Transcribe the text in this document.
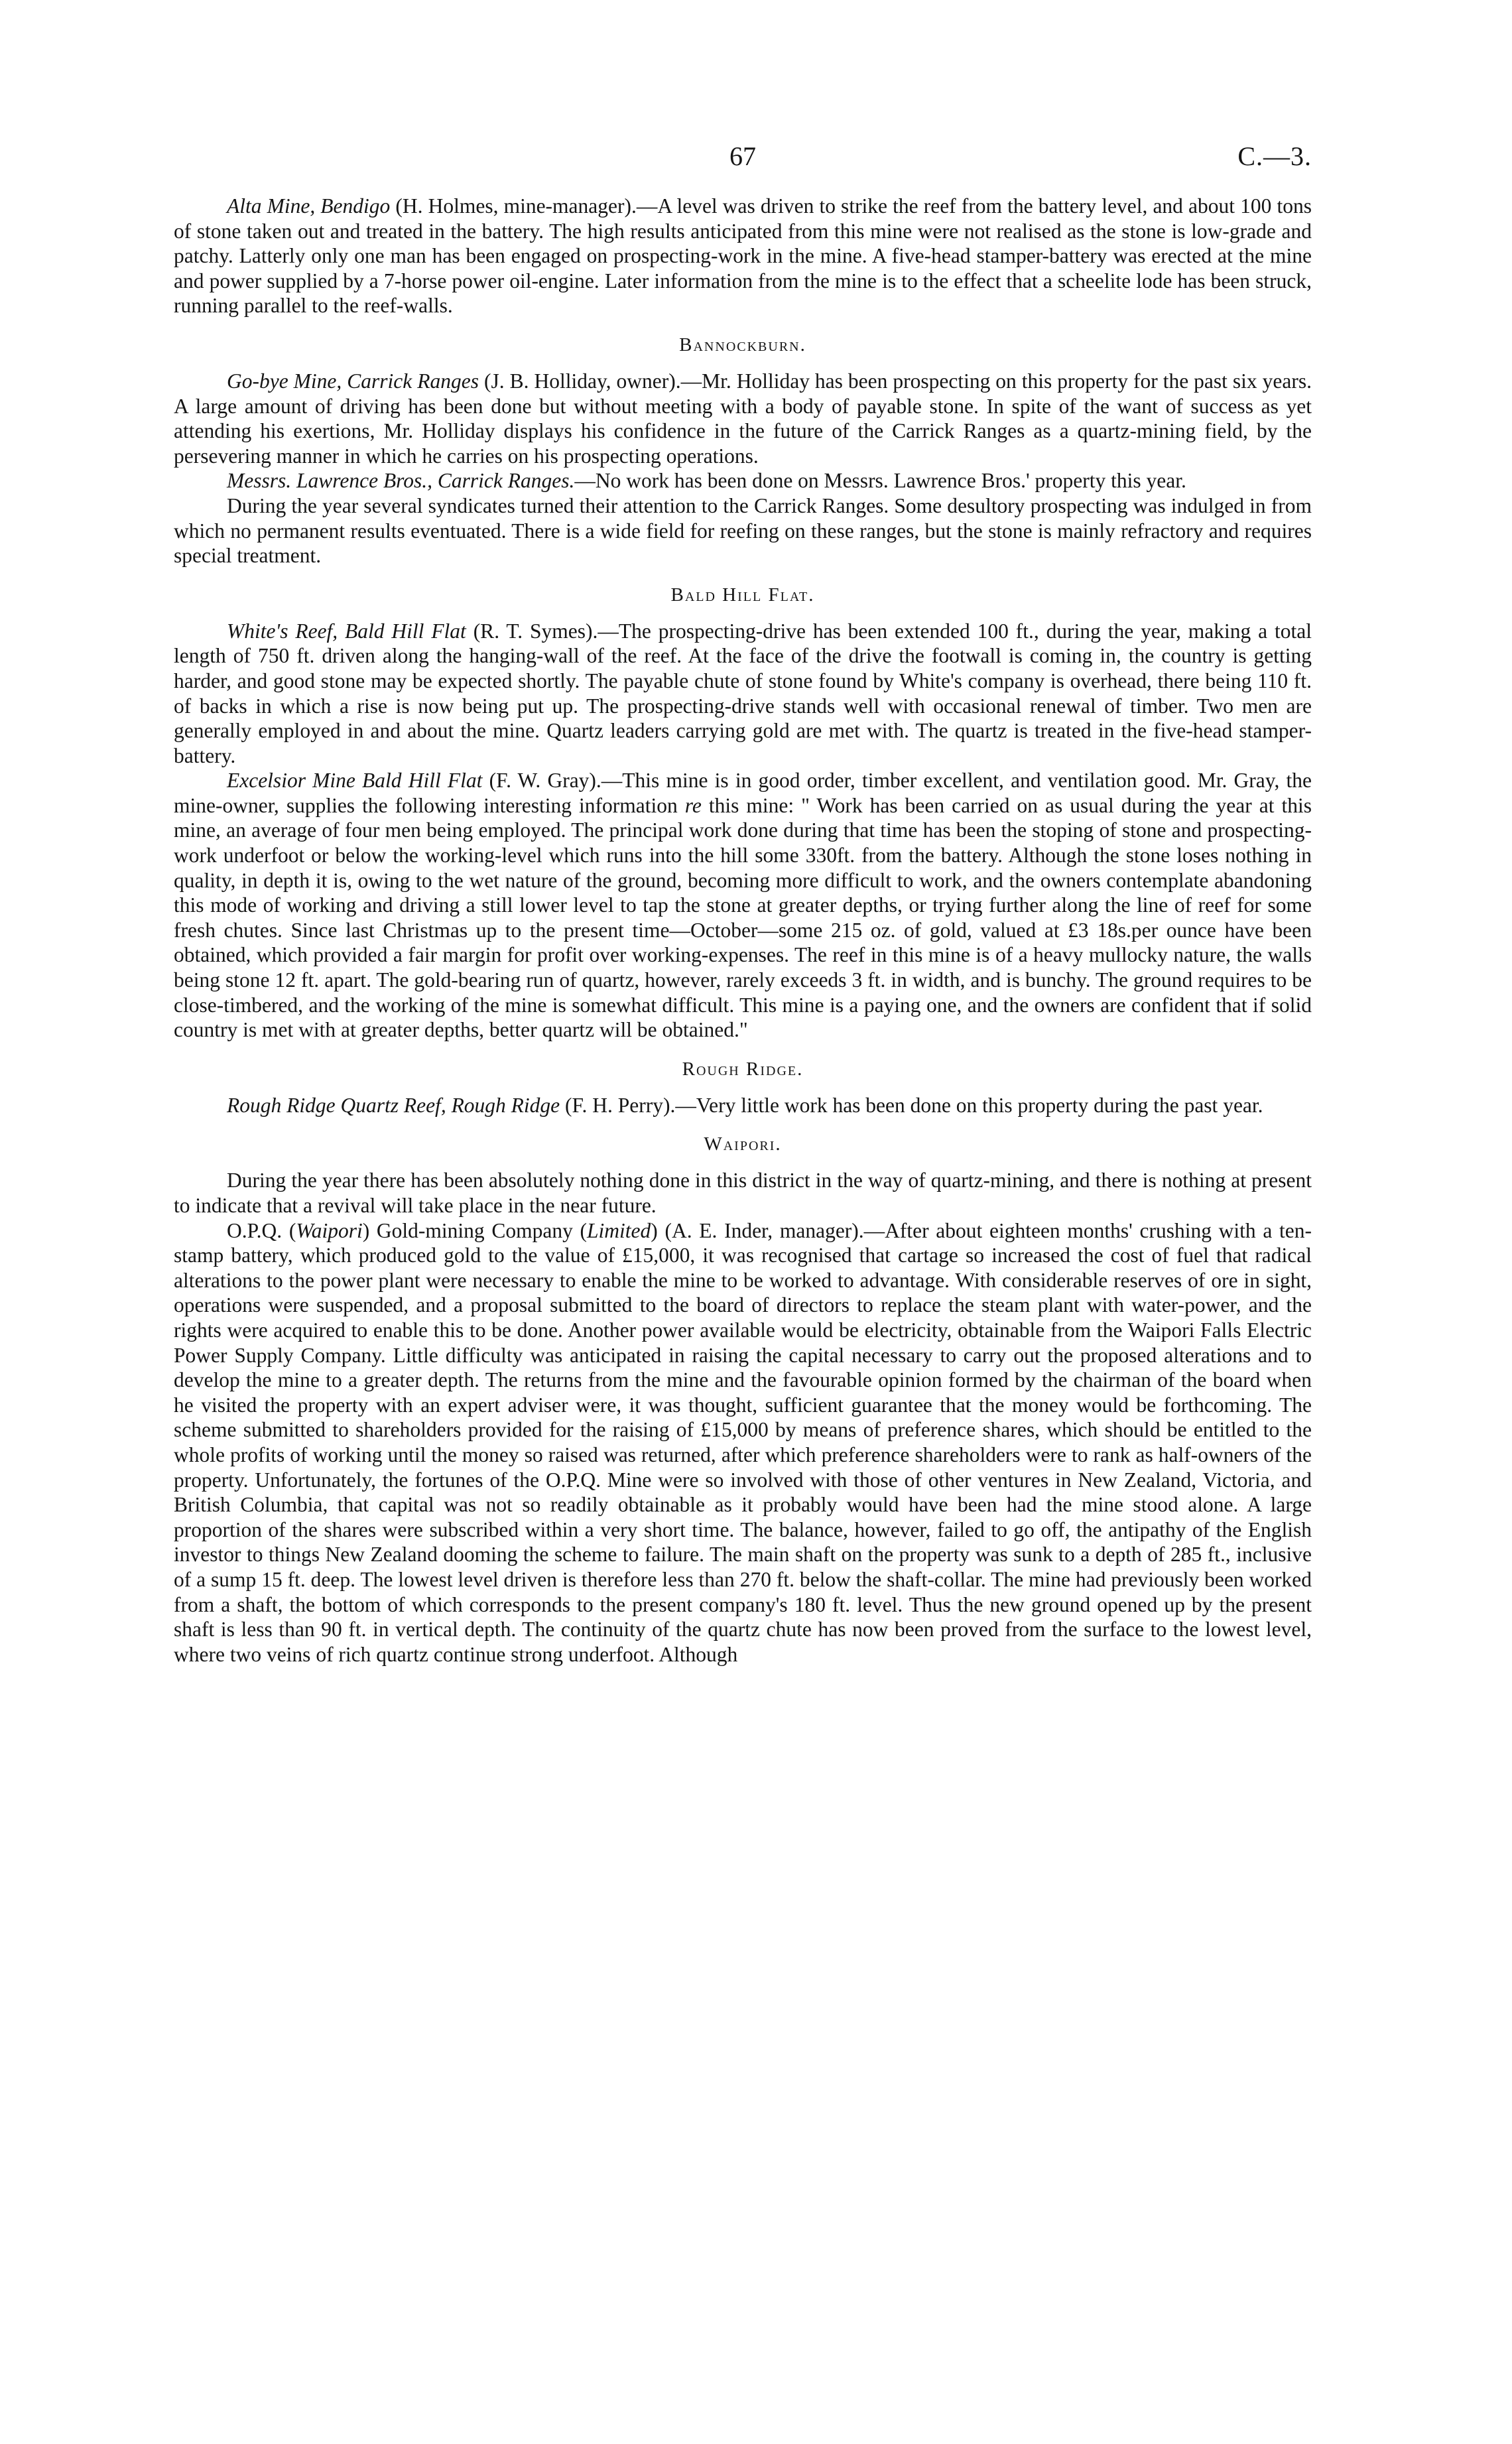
67	C.—3.

Alta Mine, Bendigo (H. Holmes, mine-manager).—A level was driven to strike the reef from the battery level, and about 100 tons of stone taken out and treated in the battery. The high results anticipated from this mine were not realised as the stone is low-grade and patchy. Latterly only one man has been engaged on prospecting-work in the mine. A five-head stamper-battery was erected at the mine and power supplied by a 7-horse power oil-engine. Later information from the mine is to the effect that a scheelite lode has been struck, running parallel to the reef-walls.

Bannockburn.

Go-bye Mine, Carrick Ranges (J. B. Holliday, owner).—Mr. Holliday has been prospecting on this property for the past six years. A large amount of driving has been done but without meeting with a body of payable stone. In spite of the want of success as yet attending his exertions, Mr. Holliday displays his confidence in the future of the Carrick Ranges as a quartz-mining field, by the persevering manner in which he carries on his prospecting operations.

Messrs. Lawrence Bros., Carrick Ranges.—No work has been done on Messrs. Lawrence Bros.' property this year.

During the year several syndicates turned their attention to the Carrick Ranges. Some desultory prospecting was indulged in from which no permanent results eventuated. There is a wide field for reefing on these ranges, but the stone is mainly refractory and requires special treatment.

Bald Hill Flat.

White's Reef, Bald Hill Flat (R. T. Symes).—The prospecting-drive has been extended 100 ft., during the year, making a total length of 750 ft. driven along the hanging-wall of the reef. At the face of the drive the footwall is coming in, the country is getting harder, and good stone may be expected shortly. The payable chute of stone found by White's company is overhead, there being 110 ft. of backs in which a rise is now being put up. The prospecting-drive stands well with occasional renewal of timber. Two men are generally employed in and about the mine. Quartz leaders carrying gold are met with. The quartz is treated in the five-head stamper-battery.

Excelsior Mine Bald Hill Flat (F. W. Gray).—This mine is in good order, timber excellent, and ventilation good. Mr. Gray, the mine-owner, supplies the following interesting information re this mine: " Work has been carried on as usual during the year at this mine, an average of four men being employed. The principal work done during that time has been the stoping of stone and prospecting-work underfoot or below the working-level which runs into the hill some 330ft. from the battery. Although the stone loses nothing in quality, in depth it is, owing to the wet nature of the ground, becoming more difficult to work, and the owners contemplate abandoning this mode of working and driving a still lower level to tap the stone at greater depths, or trying further along the line of reef for some fresh chutes. Since last Christmas up to the present time—October—some 215 oz. of gold, valued at £3 18s.per ounce have been obtained, which provided a fair margin for profit over working-expenses. The reef in this mine is of a heavy mullocky nature, the walls being stone 12 ft. apart. The gold-bearing run of quartz, however, rarely exceeds 3 ft. in width, and is bunchy. The ground requires to be close-timbered, and the working of the mine is somewhat difficult. This mine is a paying one, and the owners are confident that if solid country is met with at greater depths, better quartz will be obtained."

Rough Ridge.

Rough Ridge Quartz Reef, Rough Ridge (F. H. Perry).—Very little work has been done on this property during the past year.

Waipori.

During the year there has been absolutely nothing done in this district in the way of quartz-mining, and there is nothing at present to indicate that a revival will take place in the near future.

O.P.Q. (Waipori) Gold-mining Company (Limited) (A. E. Inder, manager).—After about eighteen months' crushing with a ten-stamp battery, which produced gold to the value of £15,000, it was recognised that cartage so increased the cost of fuel that radical alterations to the power plant were necessary to enable the mine to be worked to advantage. With considerable reserves of ore in sight, operations were suspended, and a proposal submitted to the board of directors to replace the steam plant with water-power, and the rights were acquired to enable this to be done. Another power available would be electricity, obtainable from the Waipori Falls Electric Power Supply Company. Little difficulty was anticipated in raising the capital necessary to carry out the proposed alterations and to develop the mine to a greater depth. The returns from the mine and the favourable opinion formed by the chairman of the board when he visited the property with an expert adviser were, it was thought, sufficient guarantee that the money would be forthcoming. The scheme submitted to shareholders provided for the raising of £15,000 by means of preference shares, which should be entitled to the whole profits of working until the money so raised was returned, after which preference shareholders were to rank as half-owners of the property. Unfortunately, the fortunes of the O.P.Q. Mine were so involved with those of other ventures in New Zealand, Victoria, and British Columbia, that capital was not so readily obtainable as it probably would have been had the mine stood alone. A large proportion of the shares were subscribed within a very short time. The balance, however, failed to go off, the antipathy of the English investor to things New Zealand dooming the scheme to failure. The main shaft on the property was sunk to a depth of 285 ft., inclusive of a sump 15 ft. deep. The lowest level driven is therefore less than 270 ft. below the shaft-collar. The mine had previously been worked from a shaft, the bottom of which corresponds to the present company's 180 ft. level. Thus the new ground opened up by the present shaft is less than 90 ft. in vertical depth. The continuity of the quartz chute has now been proved from the surface to the lowest level, where two veins of rich quartz continue strong underfoot. Although
